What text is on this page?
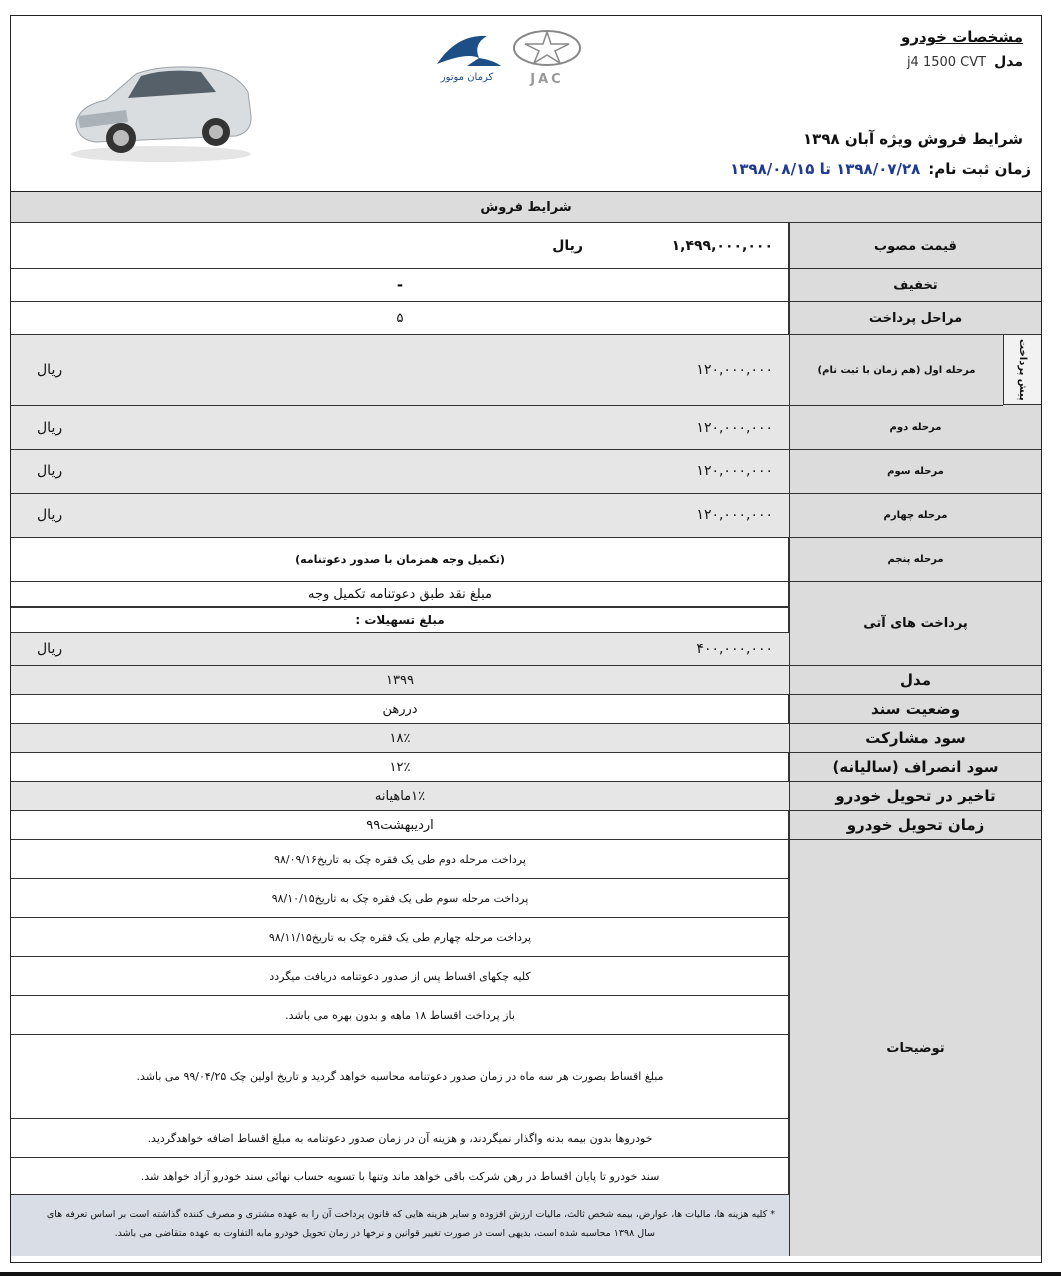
مشخصات خودرو
مدل
j4 1500 CVT
شرایط فروش ویژه آبان ۱۳۹۸
زمان ثبت نام:
۱۳۹۸/۰۷/۲۸ تا ۱۳۹۸/۰۸/۱۵
کرمان موتور	JAC
شرایط فروش
قیمت مصوب
۱,۴۹۹,۰۰۰,۰۰۰
ریال
تخفیف
-
مراحل پرداخت
۵
پیش پرداخت
مرحله اول (هم زمان با ثبت نام)
۱۲۰,۰۰۰,۰۰۰
ریال
مرحله دوم
۱۲۰,۰۰۰,۰۰۰
ریال
مرحله سوم
۱۲۰,۰۰۰,۰۰۰
ریال
مرحله چهارم
۱۲۰,۰۰۰,۰۰۰
ریال
مرحله پنجم
(تکمیل وجه همزمان با صدور دعوتنامه)
پرداخت های آتی
مبلغ نقد طبق دعوتنامه تکمیل وجه
مبلغ تسهیلات :
۴۰۰,۰۰۰,۰۰۰
ریال
مدل
۱۳۹۹
وضعیت سند
دررهن
سود مشارکت
۱۸٪
سود انصراف (سالیانه)
۱۲٪
تاخیر در تحویل خودرو
۱٪ماهیانه
زمان تحویل خودرو
اردیبهشت۹۹
توضیحات
پرداخت مرحله دوم طی یک فقره چک به تاریخ۹۸/۰۹/۱۶
پرداخت مرحله سوم طی یک فقره چک به تاریخ۹۸/۱۰/۱۵
پرداخت مرحله چهارم طی یک فقره چک به تاریخ۹۸/۱۱/۱۵
کلیه چکهای اقساط پس از صدور دعوتنامه دریافت میگردد
باز پرداخت اقساط ۱۸ ماهه و بدون بهره می باشد.
مبلغ اقساط بصورت هر سه ماه در زمان صدور دعوتنامه محاسبه خواهد گردید و تاریخ اولین چک ۹۹/۰۴/۲۵ می باشد.
خودروها بدون بیمه بدنه واگذار نمیگردند، و هزینه آن در زمان صدور دعوتنامه به مبلغ اقساط اضافه خواهدگردید.
سند خودرو تا پایان اقساط در رهن شرکت باقی خواهد ماند وتنها با تسویه حساب نهائی سند خودرو آزاد خواهد شد.
* کلیه هزینه ها، مالیات ها، عوارض، بیمه شخص ثالث، مالیات ارزش افزوده و سایر هزینه هایی که قانون پرداخت آن را به عهده مشتری و مصرف کننده گذاشته است بر اساس تعرفه های
سال ۱۳۹۸ محاسبه شده است، بدیهی است در صورت تغییر قوانین و نرخها در زمان تحویل خودرو مابه التفاوت به عهده متقاضی می باشد.
